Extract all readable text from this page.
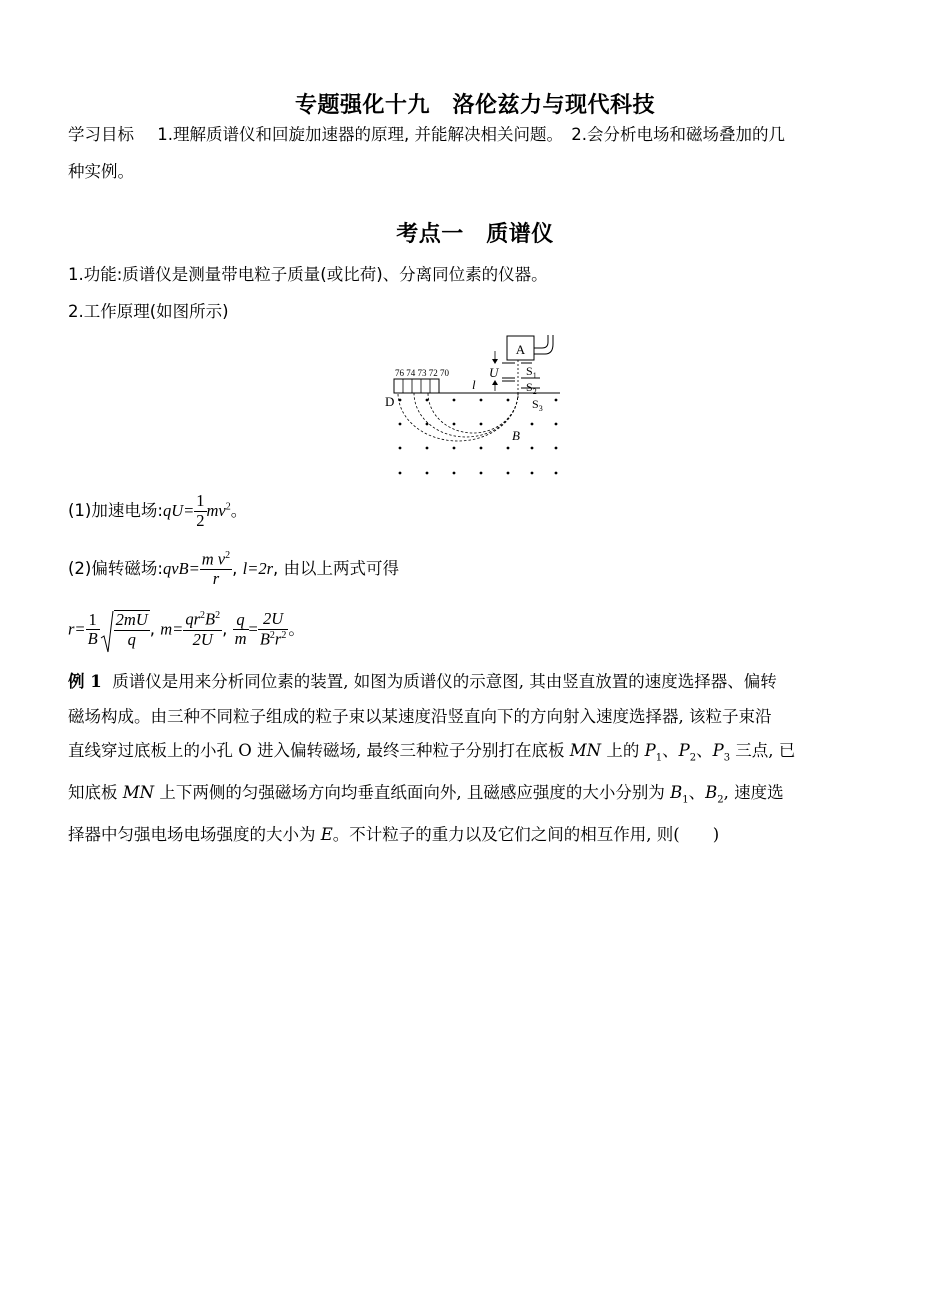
专题强化十九　洛伦兹力与现代科技
学习目标 1.理解质谱仪和回旋加速器的原理, 并能解决相关问题。　2.会分析电场和磁场叠加的几
种实例。
考点一　质谱仪
1.功能:质谱仪是测量带电粒子质量(或比荷)、分离同位素的仪器。
2.工作原理(如图所示)
A
U $S_1$
$S_2$
76 74 73 72 70
l
D	$S_3$
B
(1)加速电场:qU= $\frac{1}{2} mv^2$。
(2)偏转磁场:qvB= $\frac{m v^2}{r}$ , l=2r, 由以上两式可得
$r= \frac{1}{B} \frac{2mU}{q}$ , $m= \frac{qr^2B^2}{2U}$ , $\frac{q}{m} = \frac{2U}{B^2r^2}$ 。
例 1 质谱仪是用来分析同位素的装置, 如图为质谱仪的示意图, 其由竖直放置的速度选择器、偏转
磁场构成。由三种不同粒子组成的粒子束以某速度沿竖直向下的方向射入速度选择器, 该粒子束沿
直线穿过底板上的小孔 O 进入偏转磁场, 最终三种粒子分别打在底板 MN 上的 $P_1$、$P_2$、$P_3$ 三点, 已
知底板 MN 上下两侧的匀强磁场方向均垂直纸面向外, 且磁感应强度的大小分别为 $B_1$、$B_2$, 速度选
择器中匀强电场电场强度的大小为 E。不计粒子的重力以及它们之间的相互作用, 则(　　)
